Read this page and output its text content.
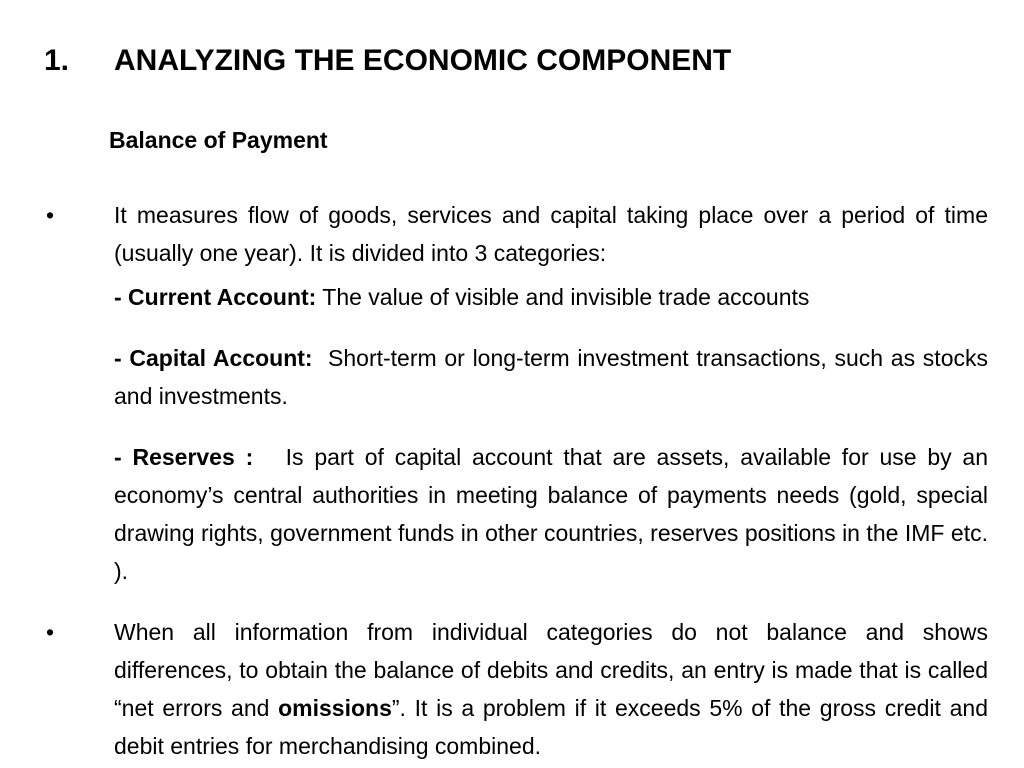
1. ANALYZING THE ECONOMIC COMPONENT
Balance of Payment
•	It measures flow of goods, services and capital taking place over a period of time (usually one year). It is divided into 3 categories:

- Current Account: The value of visible and invisible trade accounts

- Capital Account:  Short-term or long-term investment transactions, such as stocks and investments.

- Reserves :   Is part of capital account that are assets, available for use by an economy’s central authorities in meeting balance of payments needs (gold, special drawing rights, government funds in other countries, reserves positions in the IMF etc. ).

•	When all information from individual categories do not balance and shows differences, to obtain the balance of debits and credits, an entry is made that is called “net errors and omissions”. It is a problem if it exceeds 5% of the gross credit and debit entries for merchandising combined.
